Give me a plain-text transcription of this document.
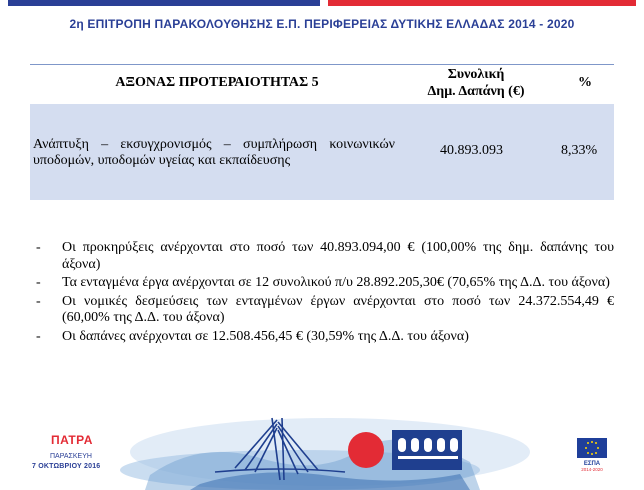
2η ΕΠΙΤΡΟΠΗ ΠΑΡΑΚΟΛΟΥΘΗΣΗΣ Ε.Π. ΠΕΡΙΦΕΡΕΙΑΣ ΔΥΤΙΚΗΣ ΕΛΛΑΔΑΣ 2014 - 2020
ΑΞΟΝΑΣ ΠΡΟΤΕΡΑΙΟΤΗΤΑΣ 5
Συνολική
Δημ. Δαπάνη (€)
%
Ανάπτυξη – εκσυγχρονισμός – συμπλήρωση κοινωνικών υποδομών, υποδομών υγείας και εκπαίδευσης
40.893.093	8,33%
- Οι προκηρύξεις ανέρχονται στο ποσό των 40.893.094,00 € (100,00% της δημ. δαπάνης του άξονα)
- Τα ενταγμένα έργα ανέρχονται σε 12 συνολικού π/υ 28.892.205,30€ (70,65% της Δ.Δ. του άξονα)
- Οι νομικές δεσμεύσεις των ενταγμένων έργων ανέρχονται στο ποσό των 24.372.554,49 € (60,00% της Δ.Δ. του άξονα)
- Οι δαπάνες ανέρχονται σε 12.508.456,45 € (30,59% της Δ.Δ. του άξονα)
ΠΑΤΡΑ
ΠΑΡΑΣΚΕΥΗ
7 ΟΚΤΩΒΡΙΟΥ 2016	ΕΣΠΑ
2014-2020
